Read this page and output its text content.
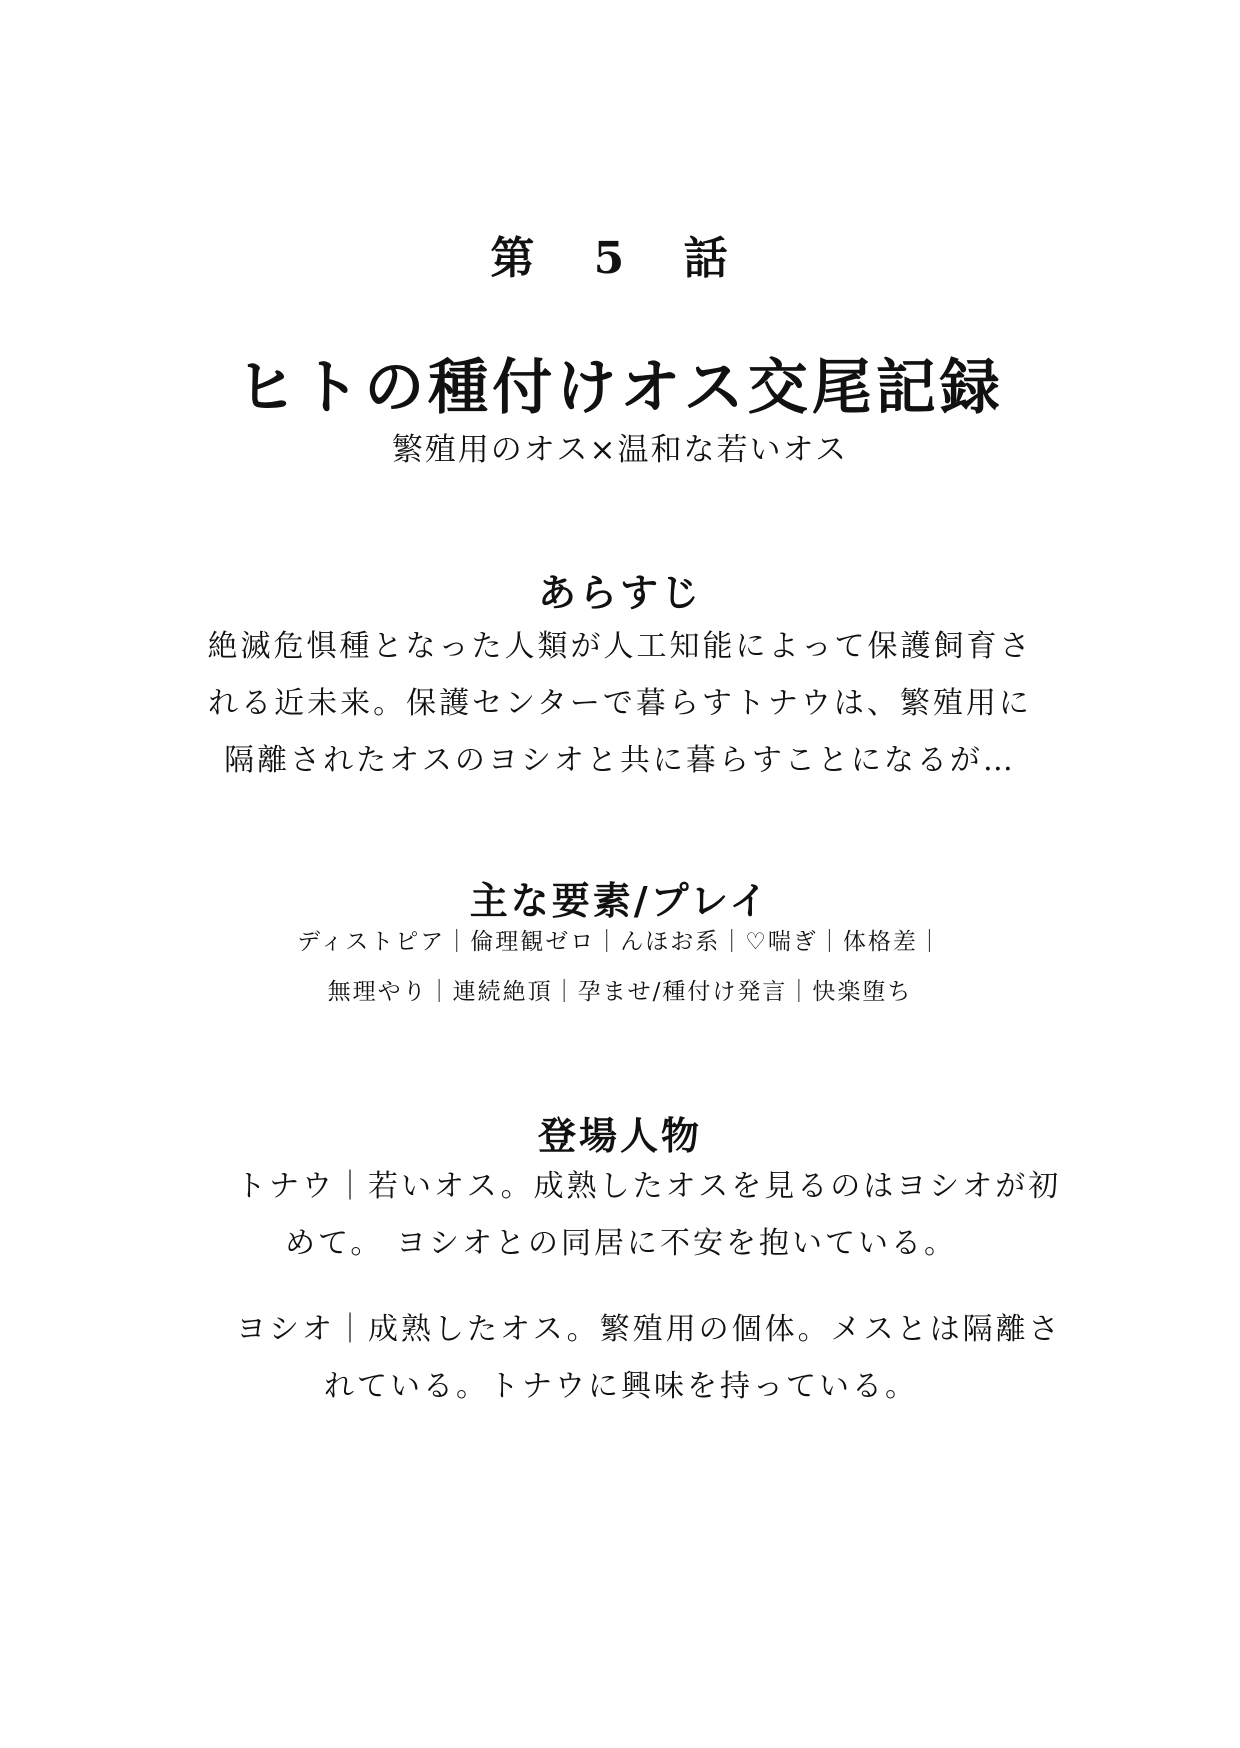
第 5 話
ヒトの種付けオス交尾記録
繁殖用のオス×温和な若いオス
あらすじ
絶滅危惧種となった人類が人工知能によって保護飼育さ
れる近未来。保護センターで暮らすトナウは、繁殖用に
隔離されたオスのヨシオと共に暮らすことになるが…
主な要素/プレイ
ディストピア｜倫理観ゼロ｜んほお系｜♡喘ぎ｜体格差｜
無理やり｜連続絶頂｜孕ませ/種付け発言｜快楽堕ち
登場人物
トナウ｜若いオス。成熟したオスを見るのはヨシオが初
めて。 ヨシオとの同居に不安を抱いている。
ヨシオ｜成熟したオス。繁殖用の個体。メスとは隔離さ
れている。トナウに興味を持っている。
